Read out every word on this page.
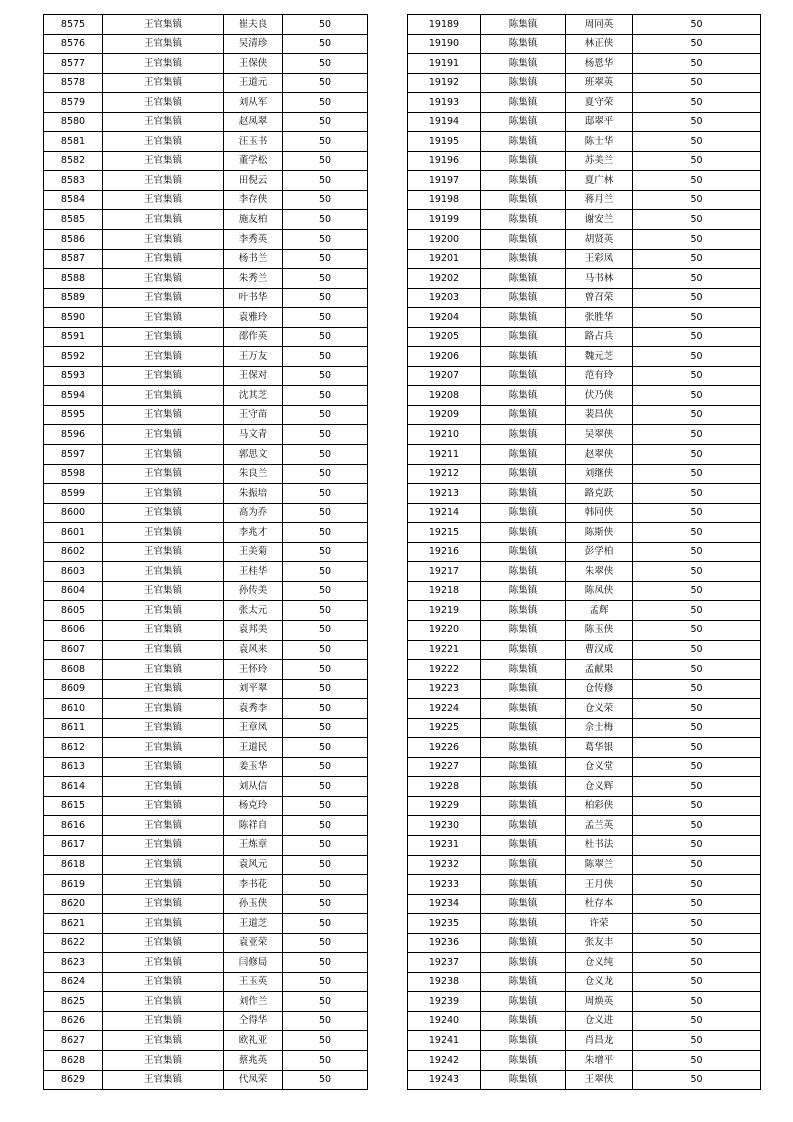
8575	王官集镇	崔夫良	50
8576	王官集镇	吴清珍	50
8577	王官集镇	王保侠	50
8578	王官集镇	王道元	50
8579	王官集镇	刘从军	50
8580	王官集镇	赵凤翠	50
8581	王官集镇	汪玉书	50
8582	王官集镇	董学松	50
8583	王官集镇	田倪云	50
8584	王官集镇	李存侠	50
8585	王官集镇	施友柏	50
8586	王官集镇	李秀英	50
8587	王官集镇	杨书兰	50
8588	王官集镇	朱秀兰	50
8589	王官集镇	叶书华	50
8590	王官集镇	袁雅玲	50
8591	王官集镇	邵作英	50
8592	王官集镇	王万友	50
8593	王官集镇	王保对	50
8594	王官集镇	沈其芝	50
8595	王官集镇	王守苗	50
8596	王官集镇	马文青	50
8597	王官集镇	郭思文	50
8598	王官集镇	朱良兰	50
8599	王官集镇	朱振培	50
8600	王官集镇	高为乔	50
8601	王官集镇	李兆才	50
8602	王官集镇	王美菊	50
8603	王官集镇	王桂华	50
8604	王官集镇	孙传美	50
8605	王官集镇	张太元	50
8606	王官集镇	袁邦美	50
8607	王官集镇	袁风来	50
8608	王官集镇	王怀玲	50
8609	王官集镇	刘平翠	50
8610	王官集镇	袁秀李	50
8611	王官集镇	王章凤	50
8612	王官集镇	王道民	50
8613	王官集镇	姜玉华	50
8614	王官集镇	刘从信	50
8615	王官集镇	杨克玲	50
8616	王官集镇	陈祥自	50
8617	王官集镇	王炼章	50
8618	王官集镇	袁风元	50
8619	王官集镇	李书花	50
8620	王官集镇	孙玉侠	50
8621	王官集镇	王道芝	50
8622	王官集镇	袁亚荣	50
8623	王官集镇	闫修局	50
8624	王官集镇	王玉英	50
8625	王官集镇	刘作兰	50
8626	王官集镇	仝得华	50
8627	王官集镇	欧礼亚	50
8628	王官集镇	蔡兆英	50
8629	王官集镇	代凤荣	50
19189	陈集镇	周同英	50
19190	陈集镇	林正侠	50
19191	陈集镇	杨恩华	50
19192	陈集镇	班翠英	50
19193	陈集镇	夏守荣	50
19194	陈集镇	邸翠平	50
19195	陈集镇	陈士华	50
19196	陈集镇	苏美兰	50
19197	陈集镇	夏广林	50
19198	陈集镇	蒋月兰	50
19199	陈集镇	谢安兰	50
19200	陈集镇	胡贤英	50
19201	陈集镇	王彩凤	50
19202	陈集镇	马书林	50
19203	陈集镇	曾召荣	50
19204	陈集镇	张胜华	50
19205	陈集镇	路占兵	50
19206	陈集镇	魏元芝	50
19207	陈集镇	范有玲	50
19208	陈集镇	伏乃侠	50
19209	陈集镇	裴昌侠	50
19210	陈集镇	吴翠侠	50
19211	陈集镇	赵翠侠	50
19212	陈集镇	刘继侠	50
19213	陈集镇	路克跃	50
19214	陈集镇	韩同侠	50
19215	陈集镇	陈斯侠	50
19216	陈集镇	彭学柏	50
19217	陈集镇	朱翠侠	50
19218	陈集镇	陈凤侠	50
19219	陈集镇	孟辉	50
19220	陈集镇	陈玉侠	50
19221	陈集镇	曹汉成	50
19222	陈集镇	孟献果	50
19223	陈集镇	仓传修	50
19224	陈集镇	仓义荣	50
19225	陈集镇	佘士梅	50
19226	陈集镇	葛华银	50
19227	陈集镇	仓义堂	50
19228	陈集镇	仓义辉	50
19229	陈集镇	柏彩侠	50
19230	陈集镇	孟兰英	50
19231	陈集镇	杜书法	50
19232	陈集镇	陈翠兰	50
19233	陈集镇	王月侠	50
19234	陈集镇	杜存本	50
19235	陈集镇	许荣	50
19236	陈集镇	张友丰	50
19237	陈集镇	仓义纯	50
19238	陈集镇	仓义龙	50
19239	陈集镇	周焕英	50
19240	陈集镇	仓义进	50
19241	陈集镇	肖昌龙	50
19242	陈集镇	朱增平	50
19243	陈集镇	王翠侠	50
